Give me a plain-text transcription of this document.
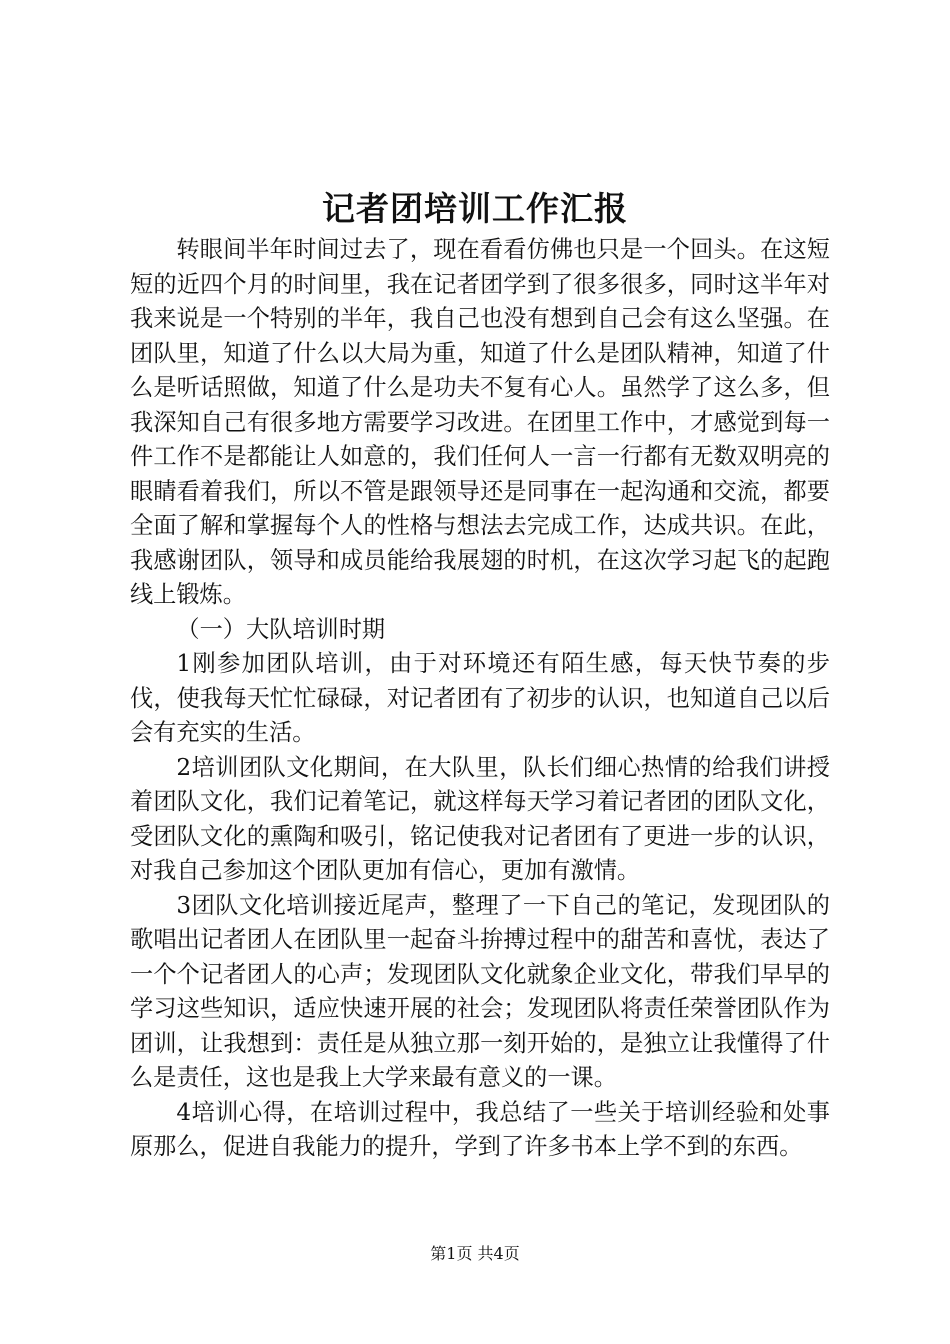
记者团培训工作汇报

转眼间半年时间过去了，现在看看仿佛也只是一个回头。在这短短的近四个月的时间里，我在记者团学到了很多很多，同时这半年对我来说是一个特别的半年，我自己也没有想到自己会有这么坚强。在团队里，知道了什么以大局为重，知道了什么是团队精神，知道了什么是听话照做，知道了什么是功夫不复有心人。虽然学了这么多，但我深知自己有很多地方需要学习改进。在团里工作中，才感觉到每一件工作不是都能让人如意的，我们任何人一言一行都有无数双明亮的眼睛看着我们，所以不管是跟领导还是同事在一起沟通和交流，都要全面了解和掌握每个人的性格与想法去完成工作，达成共识。在此，我感谢团队，领导和成员能给我展翅的时机，在这次学习起飞的起跑线上锻炼。

（一）大队培训时期

1刚参加团队培训，由于对环境还有陌生感，每天快节奏的步伐，使我每天忙忙碌碌，对记者团有了初步的认识，也知道自己以后会有充实的生活。

2培训团队文化期间，在大队里，队长们细心热情的给我们讲授着团队文化，我们记着笔记，就这样每天学习着记者团的团队文化，受团队文化的熏陶和吸引，铭记使我对记者团有了更进一步的认识，对我自己参加这个团队更加有信心，更加有激情。

3团队文化培训接近尾声，整理了一下自己的笔记，发现团队的歌唱出记者团人在团队里一起奋斗拚搏过程中的甜苦和喜忧，表达了一个个记者团人的心声；发现团队文化就象企业文化，带我们早早的学习这些知识，适应快速开展的社会；发现团队将责任荣誉团队作为团训，让我想到：责任是从独立那一刻开始的，是独立让我懂得了什么是责任，这也是我上大学来最有意义的一课。

4培训心得，在培训过程中，我总结了一些关于培训经验和处事原那么，促进自我能力的提升，学到了许多书本上学不到的东西。

第1页 共4页
